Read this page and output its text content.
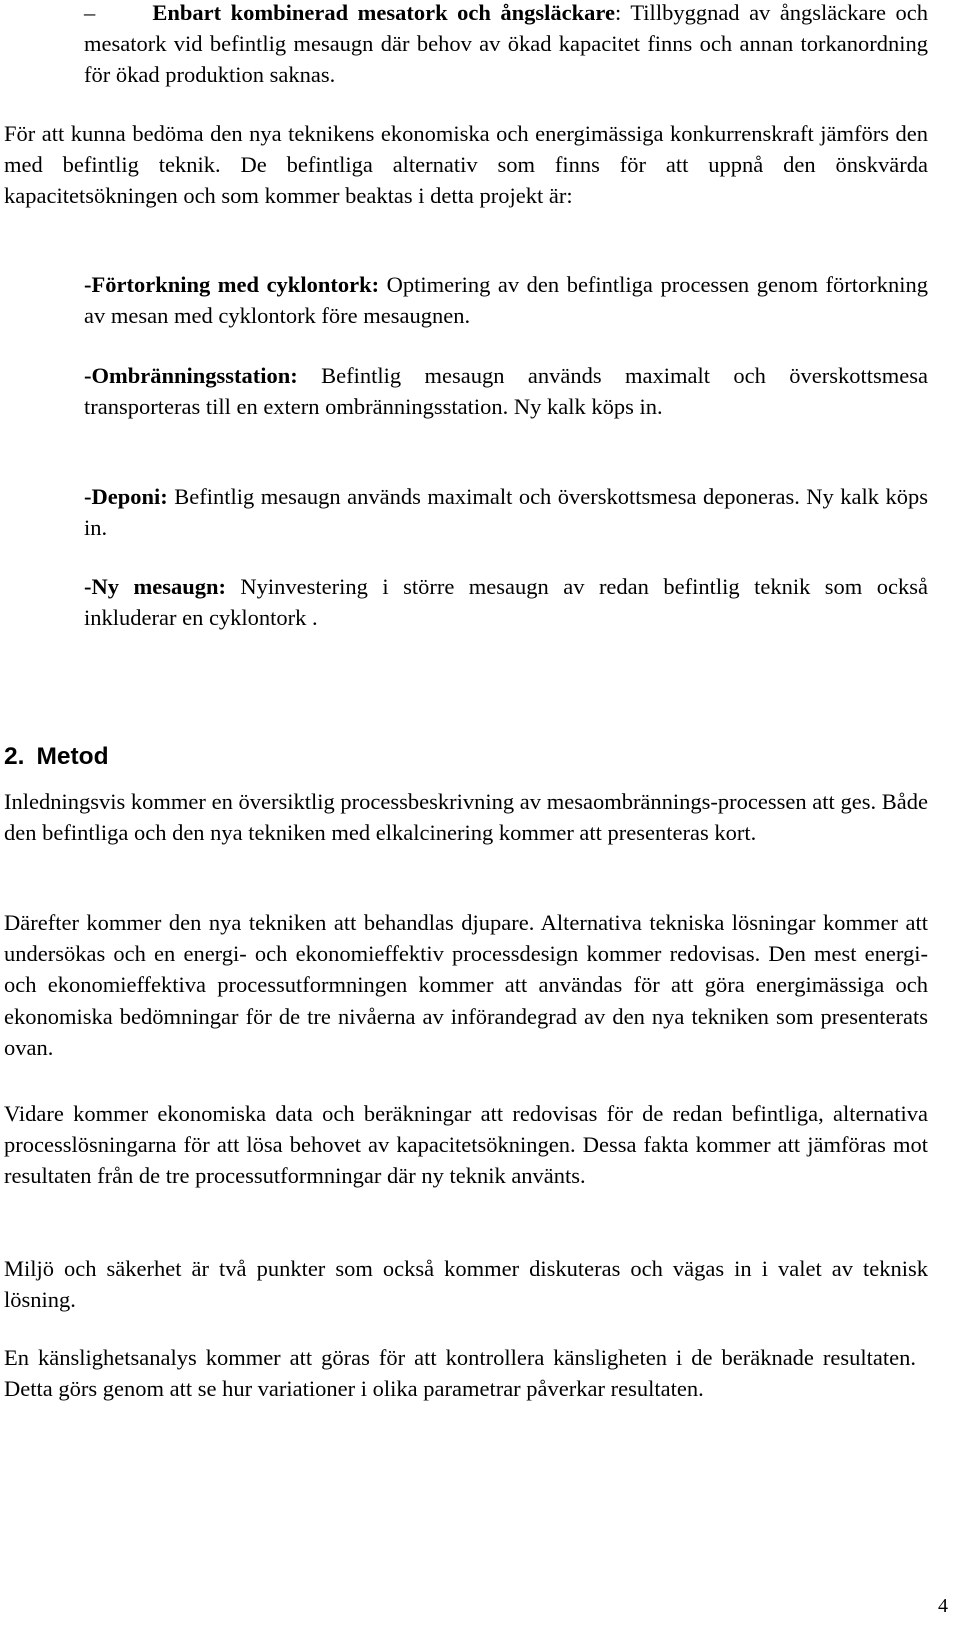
–	Enbart kombinerad mesatork och ångsläckare: Tillbyggnad av ångsläckare och mesatork vid befintlig mesaugn där behov av ökad kapacitet finns och annan torkanordning för ökad produktion saknas.

För att kunna bedöma den nya teknikens ekonomiska och energimässiga konkurrenskraft jämförs den med befintlig teknik. De befintliga alternativ som finns för att uppnå den önskvärda kapacitetsökningen och som kommer beaktas i detta projekt är:

-Förtorkning med cyklontork: Optimering av den befintliga processen genom förtorkning av mesan med cyklontork före mesaugnen.

-Ombränningsstation: Befintlig mesaugn används maximalt och överskottsmesa transporteras till en extern ombränningsstation. Ny kalk köps in.

-Deponi: Befintlig mesaugn används maximalt och överskottsmesa deponeras. Ny kalk köps in.

-Ny mesaugn: Nyinvestering i större mesaugn av redan befintlig teknik som också inkluderar en cyklontork .

2. Metod

Inledningsvis kommer en översiktlig processbeskrivning av mesaombrännings-processen att ges. Både den befintliga och den nya tekniken med elkalcinering kommer att presenteras kort.

Därefter kommer den nya tekniken att behandlas djupare. Alternativa tekniska lösningar kommer att undersökas och en energi- och ekonomieffektiv processdesign kommer redovisas. Den mest energi- och ekonomieffektiva processutformningen kommer att användas för att göra energimässiga och ekonomiska bedömningar för de tre nivåerna av införandegrad av den nya tekniken som presenterats ovan.

Vidare kommer ekonomiska data och beräkningar att redovisas för de redan befintliga, alternativa processlösningarna för att lösa behovet av kapacitetsökningen. Dessa fakta kommer att jämföras mot resultaten från de tre processutformningar där ny teknik använts.

Miljö och säkerhet är två punkter som också kommer diskuteras och vägas in i valet av teknisk lösning.

En känslighetsanalys kommer att göras för att kontrollera känsligheten i de beräknade resultaten. Detta görs genom att se hur variationer i olika parametrar påverkar resultaten.

4
